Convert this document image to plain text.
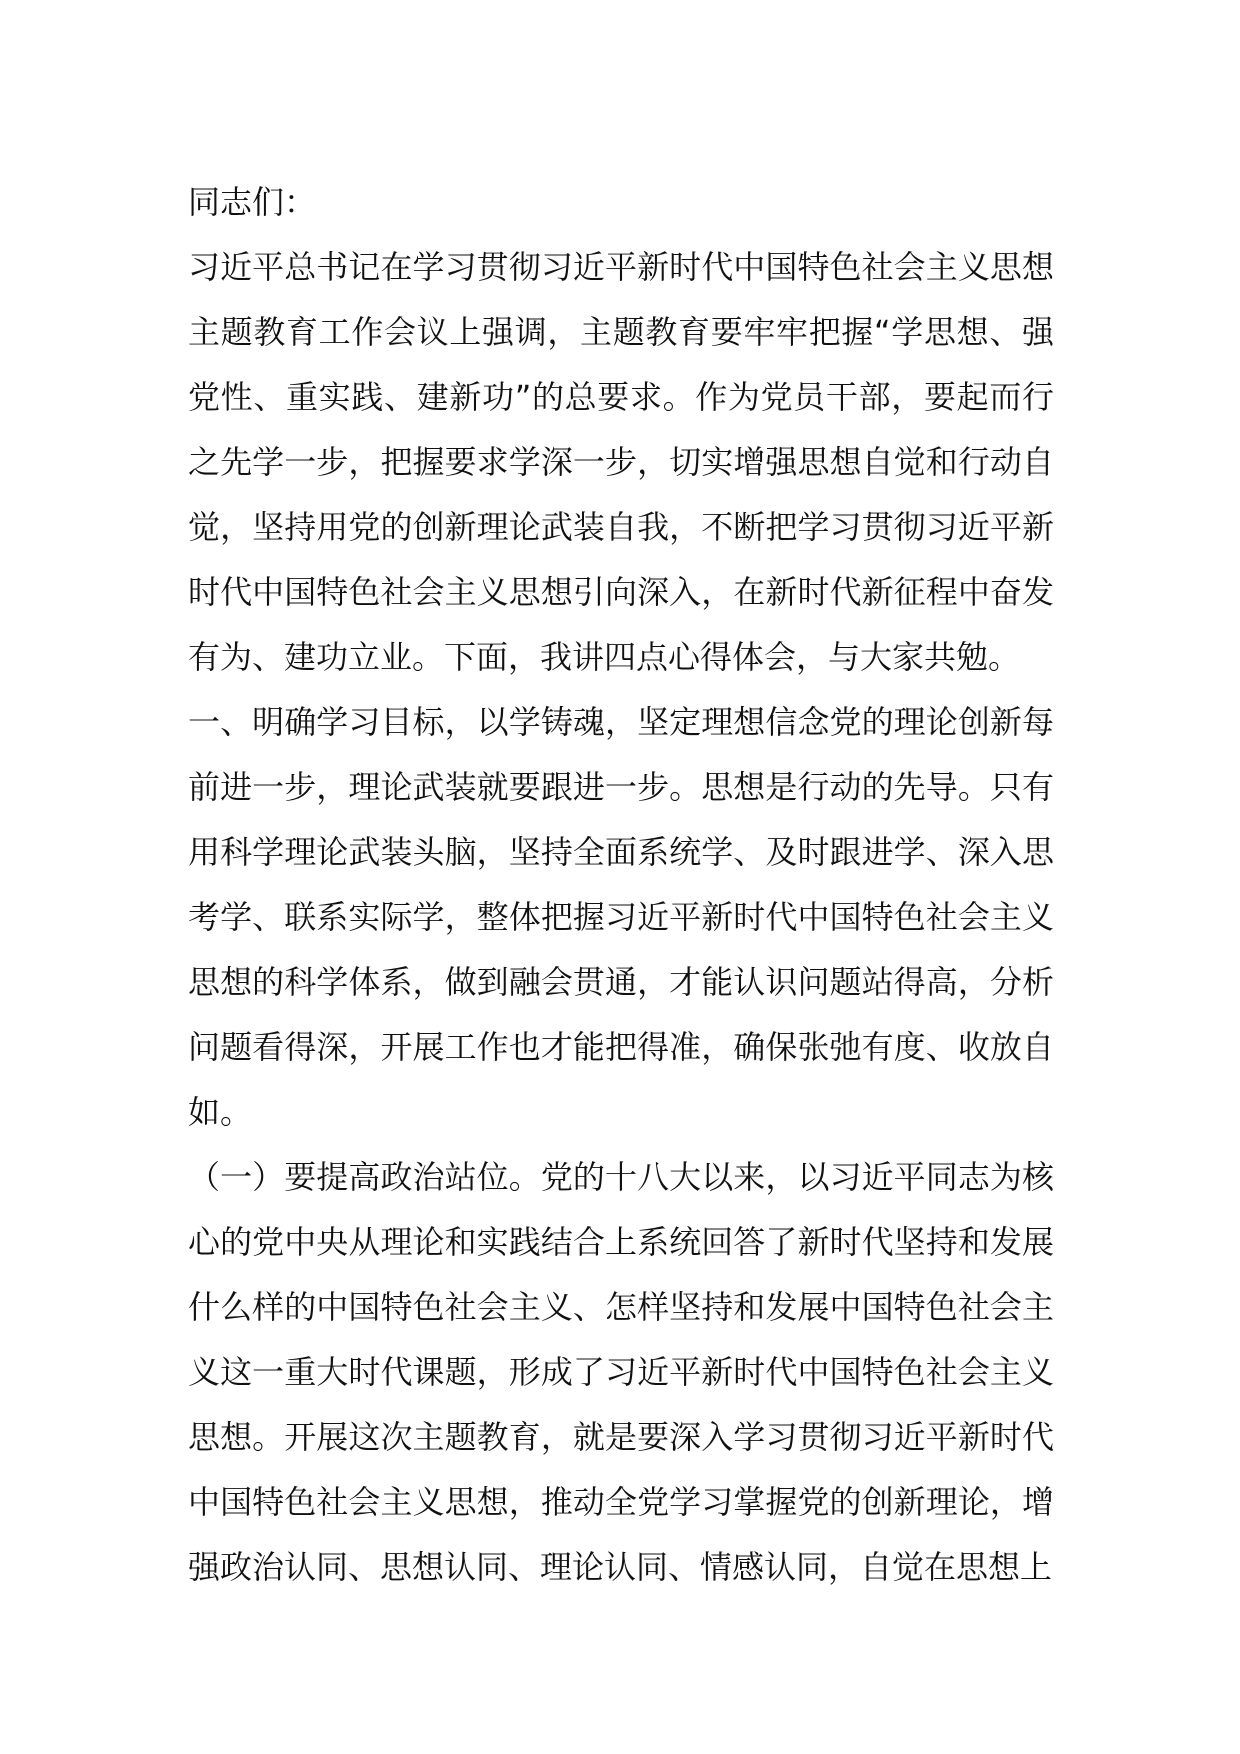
同志们：

习近平总书记在学习贯彻习近平新时代中国特色社会主义思想主题教育工作会议上强调，主题教育要牢牢把握“学思想、强党性、重实践、建新功”的总要求。作为党员干部，要起而行之先学一步，把握要求学深一步，切实增强思想自觉和行动自觉，坚持用党的创新理论武装自我，不断把学习贯彻习近平新时代中国特色社会主义思想引向深入，在新时代新征程中奋发有为、建功立业。下面，我讲四点心得体会，与大家共勉。

一、明确学习目标，以学铸魂，坚定理想信念党的理论创新每前进一步，理论武装就要跟进一步。思想是行动的先导。只有用科学理论武装头脑，坚持全面系统学、及时跟进学、深入思考学、联系实际学，整体把握习近平新时代中国特色社会主义思想的科学体系，做到融会贯通，才能认识问题站得高，分析问题看得深，开展工作也才能把得准，确保张弛有度、收放自如。

（一）要提高政治站位。党的十八大以来，以习近平同志为核心的党中央从理论和实践结合上系统回答了新时代坚持和发展什么样的中国特色社会主义、怎样坚持和发展中国特色社会主义这一重大时代课题，形成了习近平新时代中国特色社会主义思想。开展这次主题教育，就是要深入学习贯彻习近平新时代中国特色社会主义思想，推动全党学习掌握党的创新理论，增强政治认同、思想认同、理论认同、情感认同，自觉在思想上
